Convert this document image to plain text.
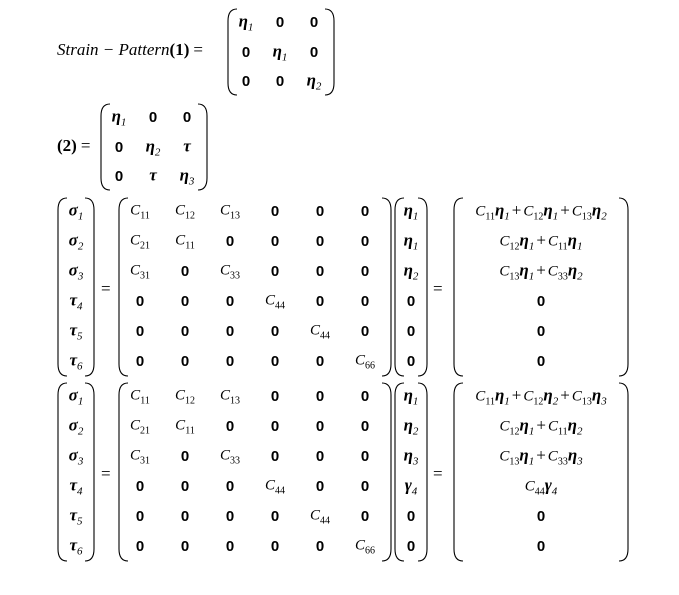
Strain − Pattern(1) =
$\eta_1$ 0 0
0 $\eta_1$ 0
0 0 $\eta_2$
(2) =
$\eta_1$ 0 0
0 $\eta_2$ τ
0 τ $\eta_3$
$\sigma_1$
$\sigma_2$
$\sigma_3$
$\tau_4$
$\tau_5$
$\tau_6$
=
$C_{11}$ $C_{12}$ $C_{13}$ 0 0 0
$C_{21}$ $C_{11}$ 0 0 0 0
$C_{31}$ 0 $C_{33}$ 0 0 0
0 0 0 $C_{44}$ 0 0
0 0 0 0 $C_{44}$ 0
0 0 0 0 0 $C_{66}$
$\eta_1$
$\eta_1$
$\eta_2$
0
0
0
=
$C_{11}\eta_1 + C_{12}\eta_1 + C_{13}\eta_2$
$C_{12}\eta_1 + C_{11}\eta_1$
$C_{13}\eta_1 + C_{33}\eta_2$
0
0
0
$\sigma_1$
$\sigma_2$
$\sigma_3$
$\tau_4$
$\tau_5$
$\tau_6$
=
$C_{11}$ $C_{12}$ $C_{13}$ 0 0 0
$C_{21}$ $C_{11}$ 0 0 0 0
$C_{31}$ 0 $C_{33}$ 0 0 0
0 0 0 $C_{44}$ 0 0
0 0 0 0 $C_{44}$ 0
0 0 0 0 0 $C_{66}$
$\eta_1$
$\eta_2$
$\eta_3$
$\gamma_4$
0
0
=
$C_{11}\eta_1 + C_{12}\eta_2 + C_{13}\eta_3$
$C_{12}\eta_1 + C_{11}\eta_2$
$C_{13}\eta_1 + C_{33}\eta_3$
$C_{44}\gamma_4$
0
0
